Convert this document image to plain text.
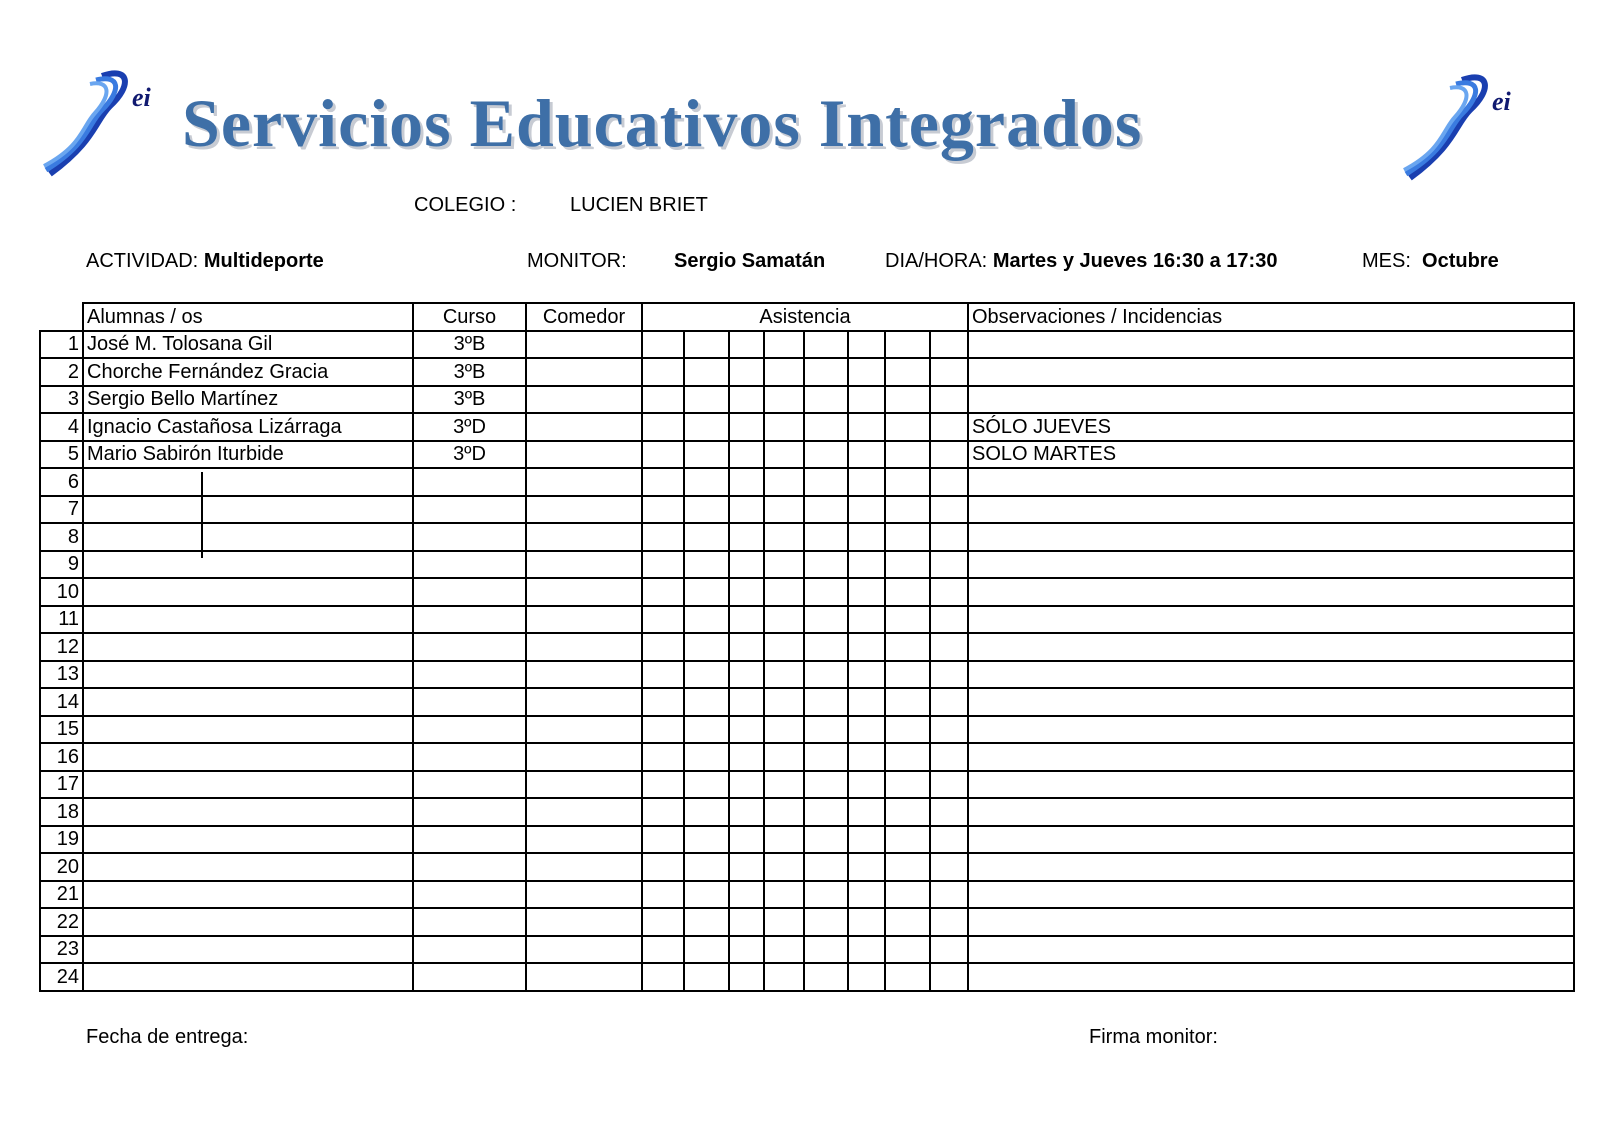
ei Servicios Educativos Integrados	ei
COLEGIO :	LUCIEN BRIET
ACTIVIDAD: Multideporte	MONITOR: Sergio Samatán	DIA/HORA: Martes y Jueves 16:30 a 17:30	MES: Octubre
	Alumnas / os	Curso	Comedor	Asistencia								Observaciones / Incidencias
1	José M. Tolosana Gil	3ºB										
2	Chorche Fernández Gracia	3ºB										
3	Sergio Bello Martínez	3ºB										
4	Ignacio Castañosa Lizárraga	3ºD										SÓLO JUEVES
5	Mario Sabirón Iturbide	3ºD										SOLO MARTES
6												
7												
8												
9												
10												
11												
12												
13												
14												
15												
16												
17												
18												
19												
20												
21												
22												
23												
24												
Fecha de entrega:	Firma monitor:
